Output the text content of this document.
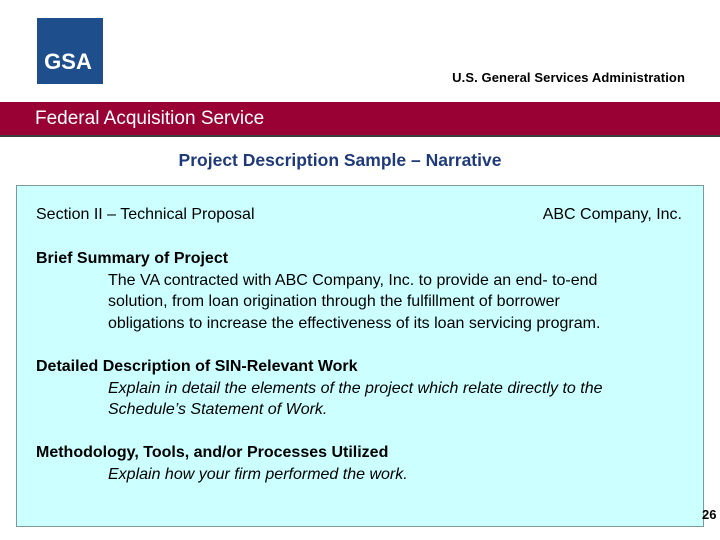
GSA
U.S. General Services Administration
Federal Acquisition Service
Project Description Sample – Narrative
Section II – Technical Proposal	ABC Company, Inc.
Brief Summary of Project
The VA contracted with ABC Company, Inc. to provide an end- to-end
solution, from loan origination through the fulfillment of borrower
obligations to increase the effectiveness of its loan servicing program.
Detailed Description of SIN-Relevant Work
Explain in detail the elements of the project which relate directly to the
Schedule’s Statement of Work.
Methodology, Tools, and/or Processes Utilized
Explain how your firm performed the work.
26
